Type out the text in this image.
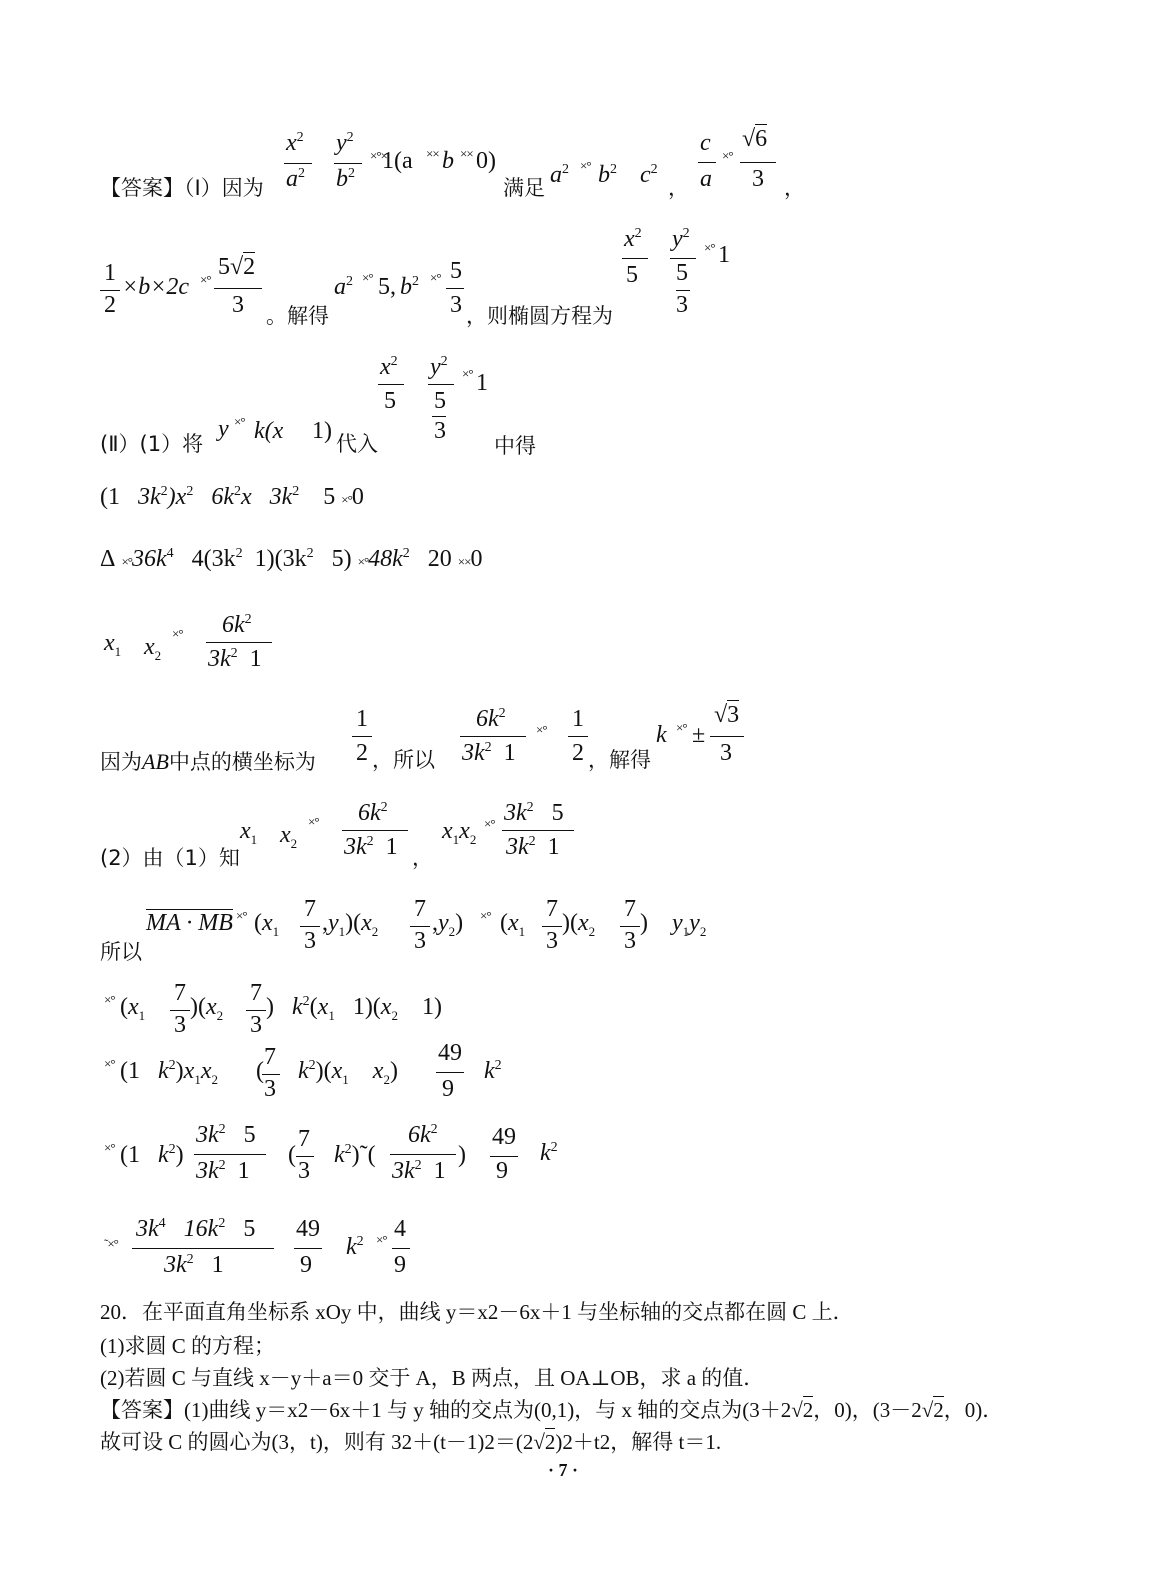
【答案】（Ⅰ）因为
$x^2$
$a^2$
$y^2$
$b^2$
×°×
1(a ×× b ×× 0)
满足 $a^2$ ×° $b^2$ $c^2$
，
c
a
×°
√6
3 ，
1
2
×b×2c ×° 5√2
3 。解得
$a^2$ ×° 5, $b^2$ ×° 5
3 ，则椭圆方程为
$x^2$
5
$y^2$
5
3
×° 1
$x^2$
5
$y^2$
5
3
×° 1
(Ⅱ）(1）将
y ×° k(x 1) 代入	中得
(1 $3k^2)x^2$ $6k^2x$ $3k^2$ 5 ×°0
$\Delta \times^\circ 36k^4$ $4(3k^2$ $1)(3k^2$ $5) \times^\circ 48k^2$ 20 ××0
$x_1$ $x_2$
×° $6k^2$
$3k^2$ 1
因为AB中点的横坐标为
1
2 ，所以
$6k^2$
$3k^2$  1
×° 1
2 ，解得
k ×° ±
√3
3
(2）由（1）知
$x_1$ $x_2$
×° $6k^2$
$3k^2$  1 ，
$x_1x_2$
×° $3k^2$   5
$3k^2$  1
所以
MA · MB ×° ($x_1$
7
3
$,y_1)(x_2$
7
3
$,y_2$) ×° ($x_1$
7
3
)($x_2$
7
3
)    $y_1y_2$
×° ($x_1$
7
3
)($x_2$
7
3
)   $k^2(x_1$   $1)(x_2$    1)
×° (1   $k^2)x_1x_2$ (
7
3
$k^2)(x_1$ $x_2$)
49
9
$k^2$
×° (1   $k^2$)
$3k^2$   5
$3k^2$  1
(
7
3
$k^2)˜$(
$6k^2$
$3k^2$  1
)
49
9
$k^2$
˜×°
$3k^4$ $16k^2$ 5
$3k^2$   1
49
9
$k^2$ ×° 4
9
20．在平面直角坐标系 xOy 中，曲线 y＝x2－6x＋1 与坐标轴的交点都在圆 C 上．
(1)求圆 C 的方程；
(2)若圆 C 与直线 x－y＋a＝0 交于 A，B 两点，且 OA⊥OB，求 a 的值．
【答案】(1)曲线 y＝x2－6x＋1 与 y 轴的交点为(0,1)，与 x 轴的交点为(3＋2√2，0)，(3－2√2，0)．
故可设 C 的圆心为(3，t)，则有 32＋(t－1)2＝(2√2)2＋t2，解得 t＝1.
· 7 ·
